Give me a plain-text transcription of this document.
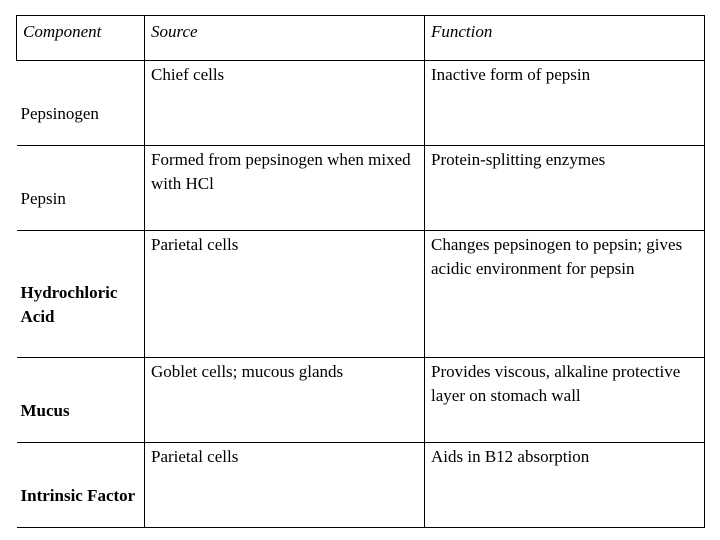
Component	Source	Function

Pepsinogen	Chief cells	Inactive form of pepsin

Pepsin	Formed from pepsinogen when mixed with HCl	Protein-splitting enzymes

Hydrochloric Acid	Parietal cells	Changes pepsinogen to pepsin; gives acidic environment for pepsin

Mucus	Goblet cells; mucous glands	Provides viscous, alkaline protective layer on stomach wall

Intrinsic Factor	Parietal cells	Aids in B12 absorption
